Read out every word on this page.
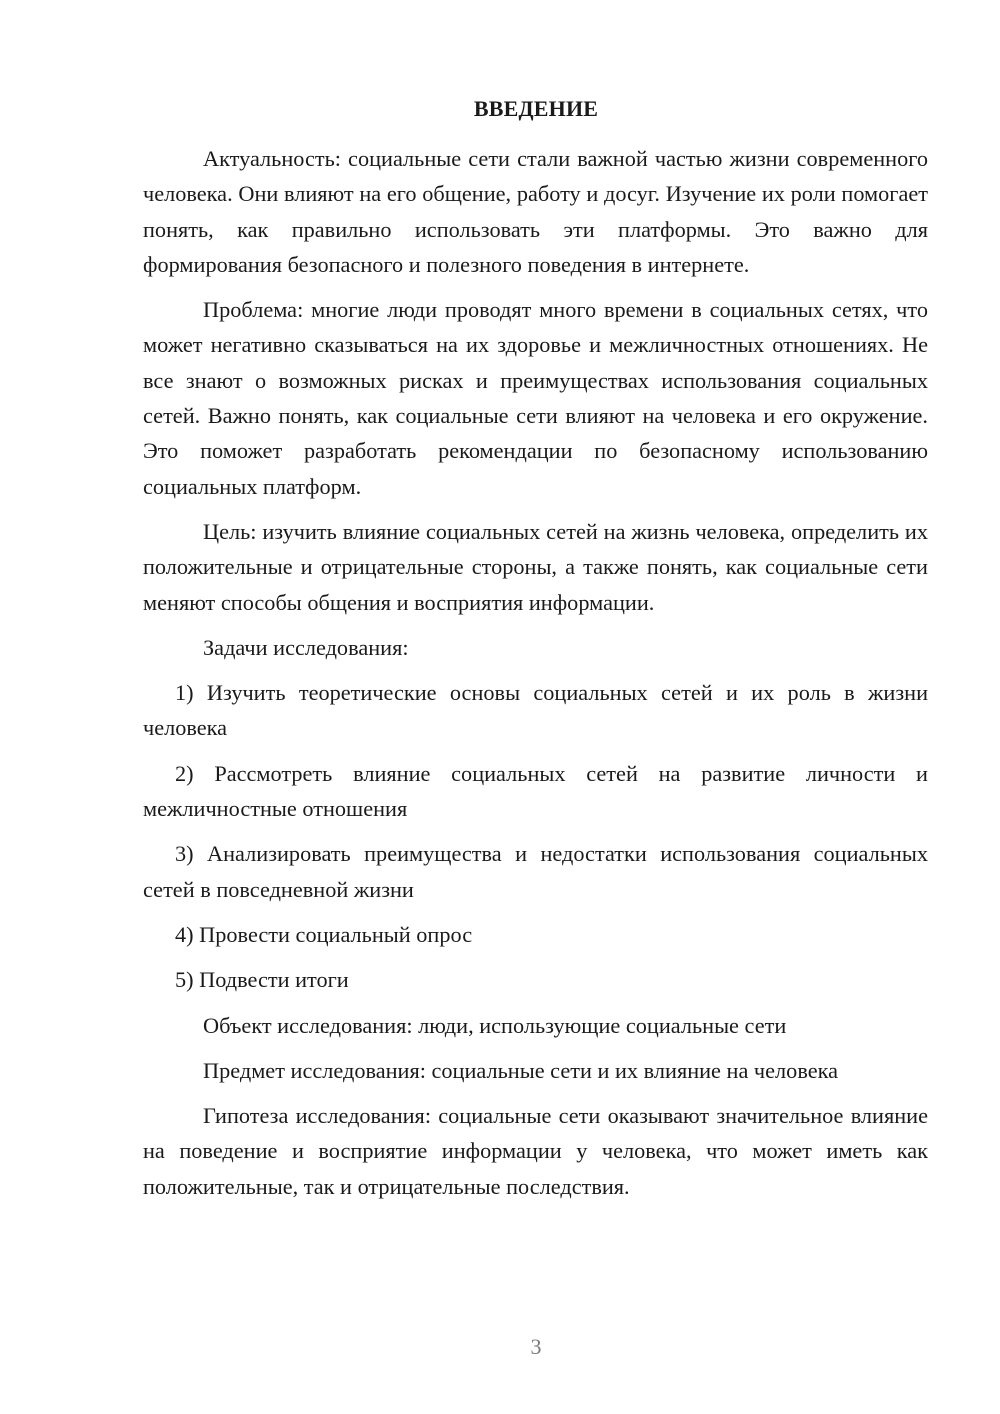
ВВЕДЕНИЕ

Актуальность: социальные сети стали важной частью жизни современного человека. Они влияют на его общение, работу и досуг. Изучение их роли помогает понять, как правильно использовать эти платформы. Это важно для формирования безопасного и полезного поведения в интернете.

Проблема: многие люди проводят много времени в социальных сетях, что может негативно сказываться на их здоровье и межличностных отношениях. Не все знают о возможных рисках и преимуществах использования социальных сетей. Важно понять, как социальные сети влияют на человека и его окружение. Это поможет разработать рекомендации по безопасному использованию социальных платформ.

Цель: изучить влияние социальных сетей на жизнь человека, определить их положительные и отрицательные стороны, а также понять, как социальные сети меняют способы общения и восприятия информации.

Задачи исследования:

1) Изучить теоретические основы социальных сетей и их роль в жизни человека

2) Рассмотреть влияние социальных сетей на развитие личности и межличностные отношения

3) Анализировать преимущества и недостатки использования социальных сетей в повседневной жизни

4) Провести социальный опрос

5) Подвести итоги

Объект исследования: люди, использующие социальные сети

Предмет исследования: социальные сети и их влияние на человека

Гипотеза исследования: социальные сети оказывают значительное влияние на поведение и восприятие информации у человека, что может иметь как положительные, так и отрицательные последствия.

3
